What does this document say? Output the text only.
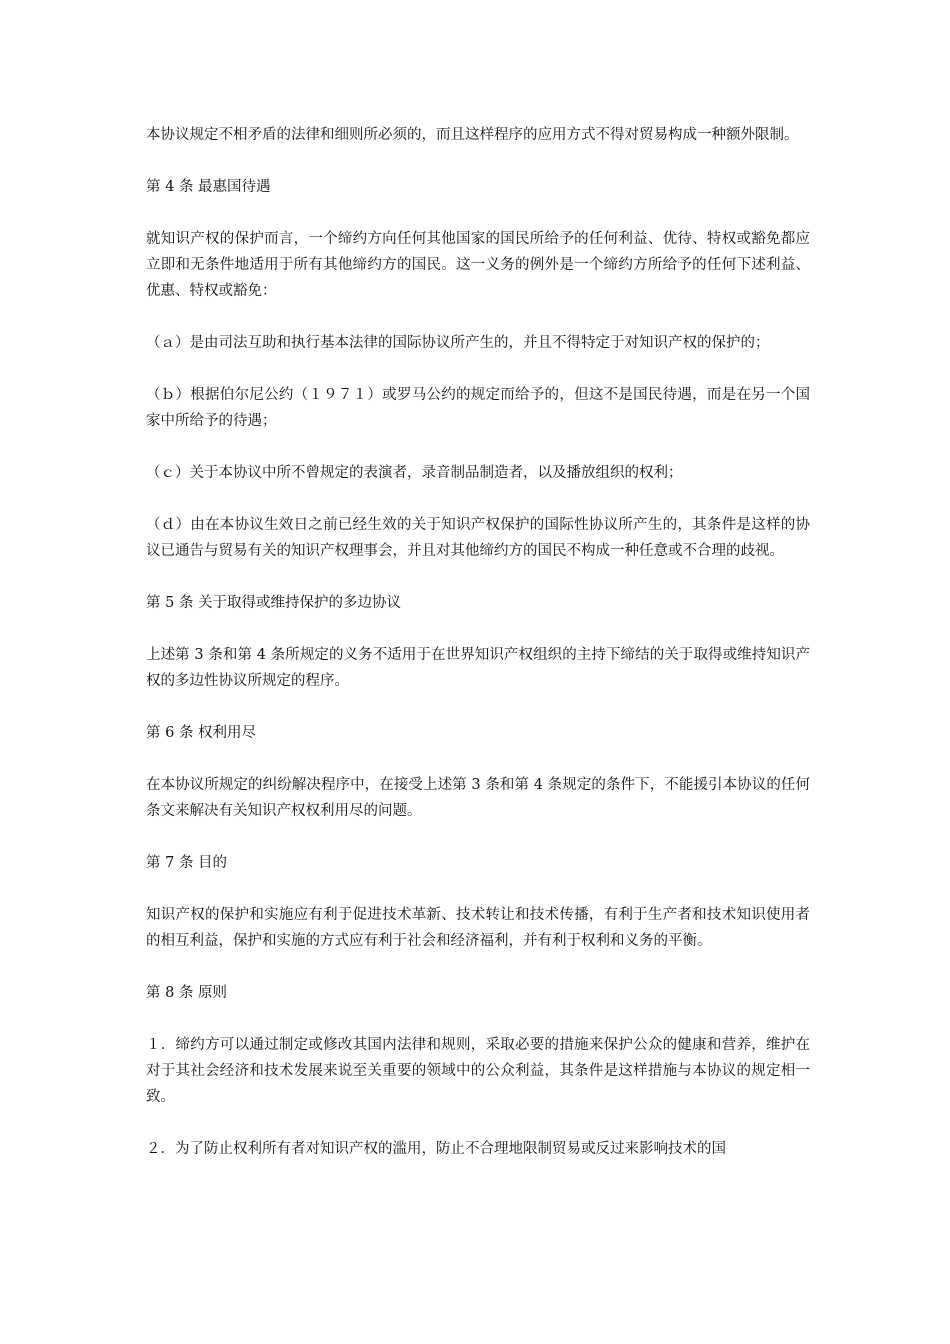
本协议规定不相矛盾的法律和细则所必须的，而且这样程序的应用方式不得对贸易构成一种额外限制。

第 4 条 最惠国待遇

就知识产权的保护而言，一个缔约方向任何其他国家的国民所给予的任何利益、优待、特权或豁免都应立即和无条件地适用于所有其他缔约方的国民。这一义务的例外是一个缔约方所给予的任何下述利益、优惠、特权或豁免：

（ａ）是由司法互助和执行基本法律的国际协议所产生的，并且不得特定于对知识产权的保护的；

（ｂ）根据伯尔尼公约（１９７１）或罗马公约的规定而给予的，但这不是国民待遇，而是在另一个国家中所给予的待遇；

（ｃ）关于本协议中所不曾规定的表演者，录音制品制造者，以及播放组织的权利；

（ｄ）由在本协议生效日之前已经生效的关于知识产权保护的国际性协议所产生的，其条件是这样的协议已通告与贸易有关的知识产权理事会，并且对其他缔约方的国民不构成一种任意或不合理的歧视。

第 5 条 关于取得或维持保护的多边协议

上述第 3 条和第 4 条所规定的义务不适用于在世界知识产权组织的主持下缔结的关于取得或维持知识产权的多边性协议所规定的程序。

第 6 条 权利用尽

在本协议所规定的纠纷解决程序中，在接受上述第 3 条和第 4 条规定的条件下，不能援引本协议的任何条文来解决有关知识产权权利用尽的问题。

第 7 条 目的

知识产权的保护和实施应有利于促进技术革新、技术转让和技术传播，有利于生产者和技术知识使用者的相互利益，保护和实施的方式应有利于社会和经济福利，并有利于权利和义务的平衡。

第 8 条 原则

１．缔约方可以通过制定或修改其国内法律和规则，采取必要的措施来保护公众的健康和营养，维护在对于其社会经济和技术发展来说至关重要的领域中的公众利益，其条件是这样措施与本协议的规定相一致。

２．为了防止权利所有者对知识产权的滥用，防止不合理地限制贸易或反过来影响技术的国
